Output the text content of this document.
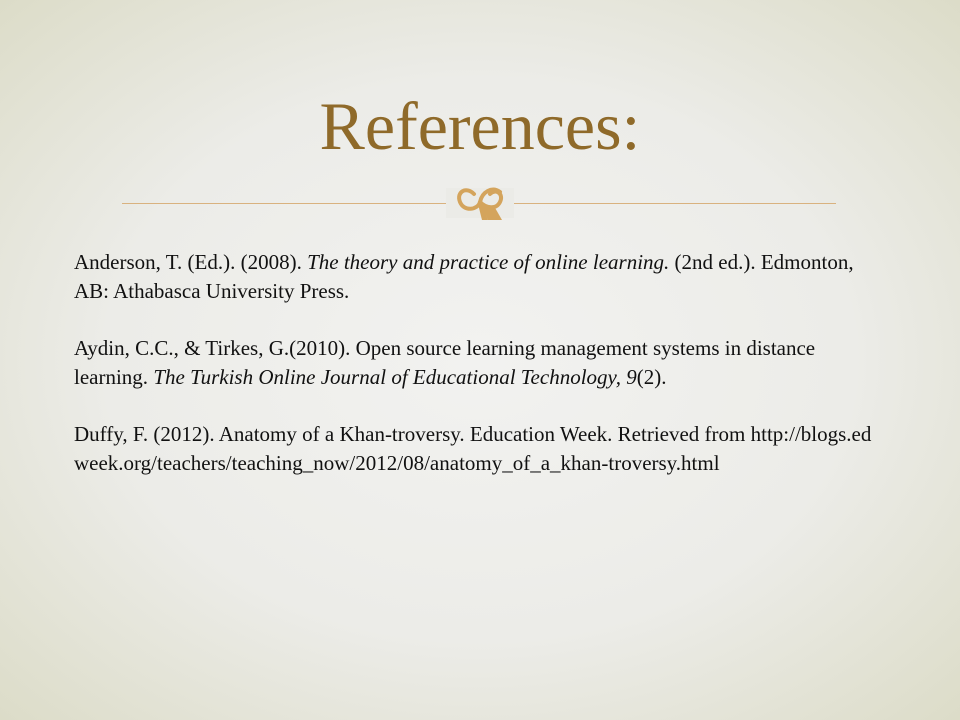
References:

Anderson, T. (Ed.). (2008). The theory and practice of online learning. (2nd ed.). Edmonton, AB: Athabasca University Press.

Aydin, C.C., & Tirkes, G.(2010). Open source learning management systems in distance learning. The Turkish Online Journal of Educational Technology, 9(2).

Duffy, F. (2012). Anatomy of a Khan-troversy. Education Week. Retrieved from http://blogs.edweek.org/teachers/teaching_now/2012/08/anatomy_of_a_khan-troversy.html
